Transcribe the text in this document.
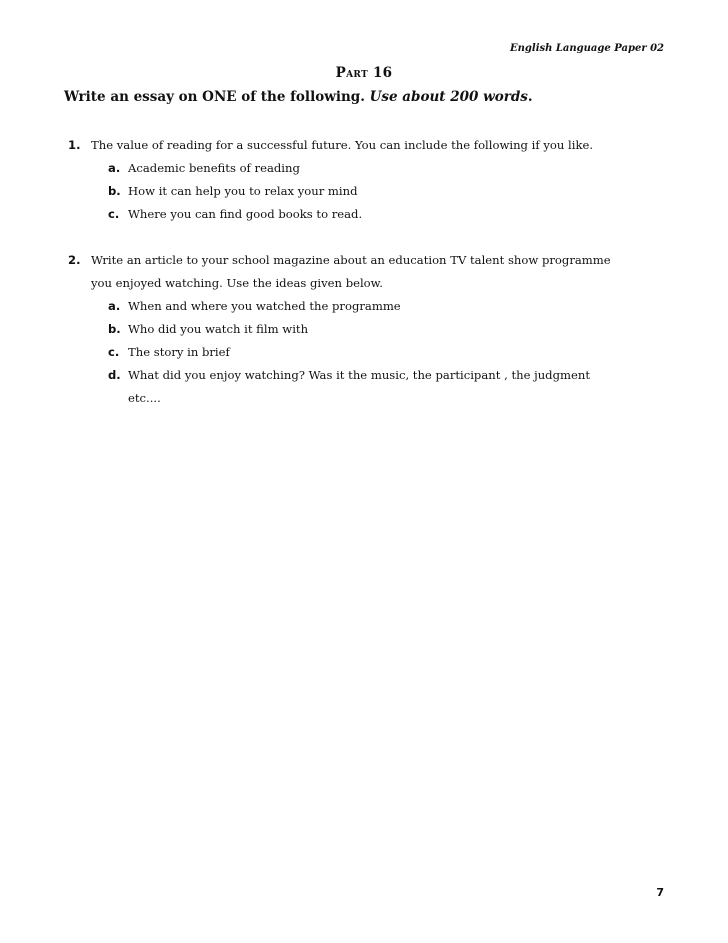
English Language Paper 02
Part 16
Write an essay on ONE of the following. Use about 200 words.
1. The value of reading for a successful future. You can include the following if you like.
a. Academic benefits of reading
b. How it can help you to relax your mind
c. Where you can find good books to read.
2. Write an article to your school magazine about an education TV talent show programme
you enjoyed watching. Use the ideas given below.
a. When and where you watched the programme
b. Who did you watch it film with
c. The story in brief
d. What did you enjoy watching? Was it the music, the participant , the judgment
etc....
7
